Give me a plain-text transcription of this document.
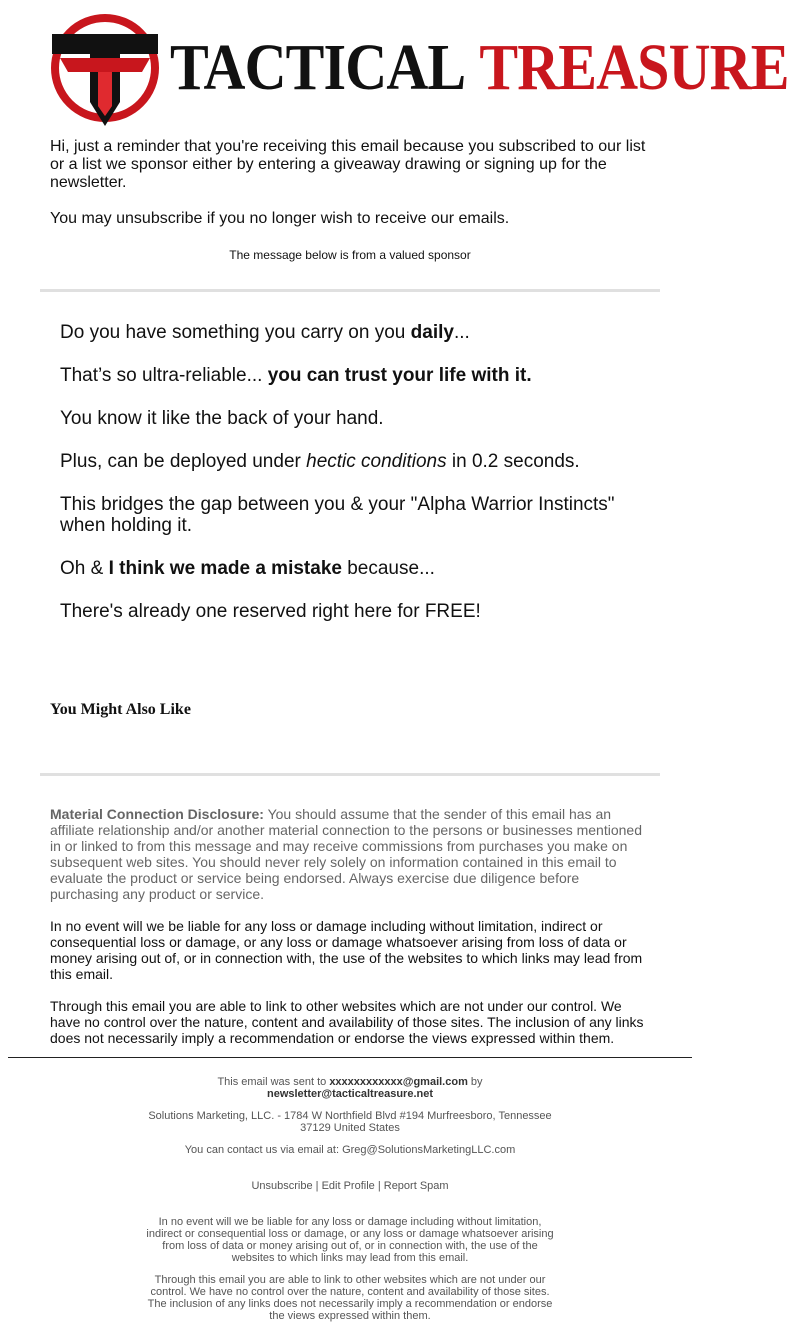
TACTICAL TREASURE

Hi, just a reminder that you're receiving this email because you subscribed to our list or a list we sponsor either by entering a giveaway drawing or signing up for the newsletter.

You may unsubscribe if you no longer wish to receive our emails.

The message below is from a valued sponsor

Do you have something you carry on you daily...

That’s so ultra-reliable... you can trust your life with it.

You know it like the back of your hand.

Plus, can be deployed under hectic conditions in 0.2 seconds.

This bridges the gap between you & your "Alpha Warrior Instincts" when holding it.

Oh & I think we made a mistake because...

There's already one reserved right here for FREE!

You Might Also Like

Material Connection Disclosure: You should assume that the sender of this email has an affiliate relationship and/or another material connection to the persons or businesses mentioned in or linked to from this message and may receive commissions from purchases you make on subsequent web sites. You should never rely solely on information contained in this email to evaluate the product or service being endorsed. Always exercise due diligence before purchasing any product or service.

In no event will we be liable for any loss or damage including without limitation, indirect or consequential loss or damage, or any loss or damage whatsoever arising from loss of data or money arising out of, or in connection with, the use of the websites to which links may lead from this email.

Through this email you are able to link to other websites which are not under our control. We have no control over the nature, content and availability of those sites. The inclusion of any links does not necessarily imply a recommendation or endorse the views expressed within them.

This email was sent to xxxxxxxxxxxx@gmail.com by
newsletter@tacticaltreasure.net

Solutions Marketing, LLC. - 1784 W Northfield Blvd #194 Murfreesboro, Tennessee 37129 United States

You can contact us via email at: Greg@SolutionsMarketingLLC.com

Unsubscribe | Edit Profile | Report Spam

In no event will we be liable for any loss or damage including without limitation, indirect or consequential loss or damage, or any loss or damage whatsoever arising from loss of data or money arising out of, or in connection with, the use of the websites to which links may lead from this email.

Through this email you are able to link to other websites which are not under our control. We have no control over the nature, content and availability of those sites. The inclusion of any links does not necessarily imply a recommendation or endorse the views expressed within them.
